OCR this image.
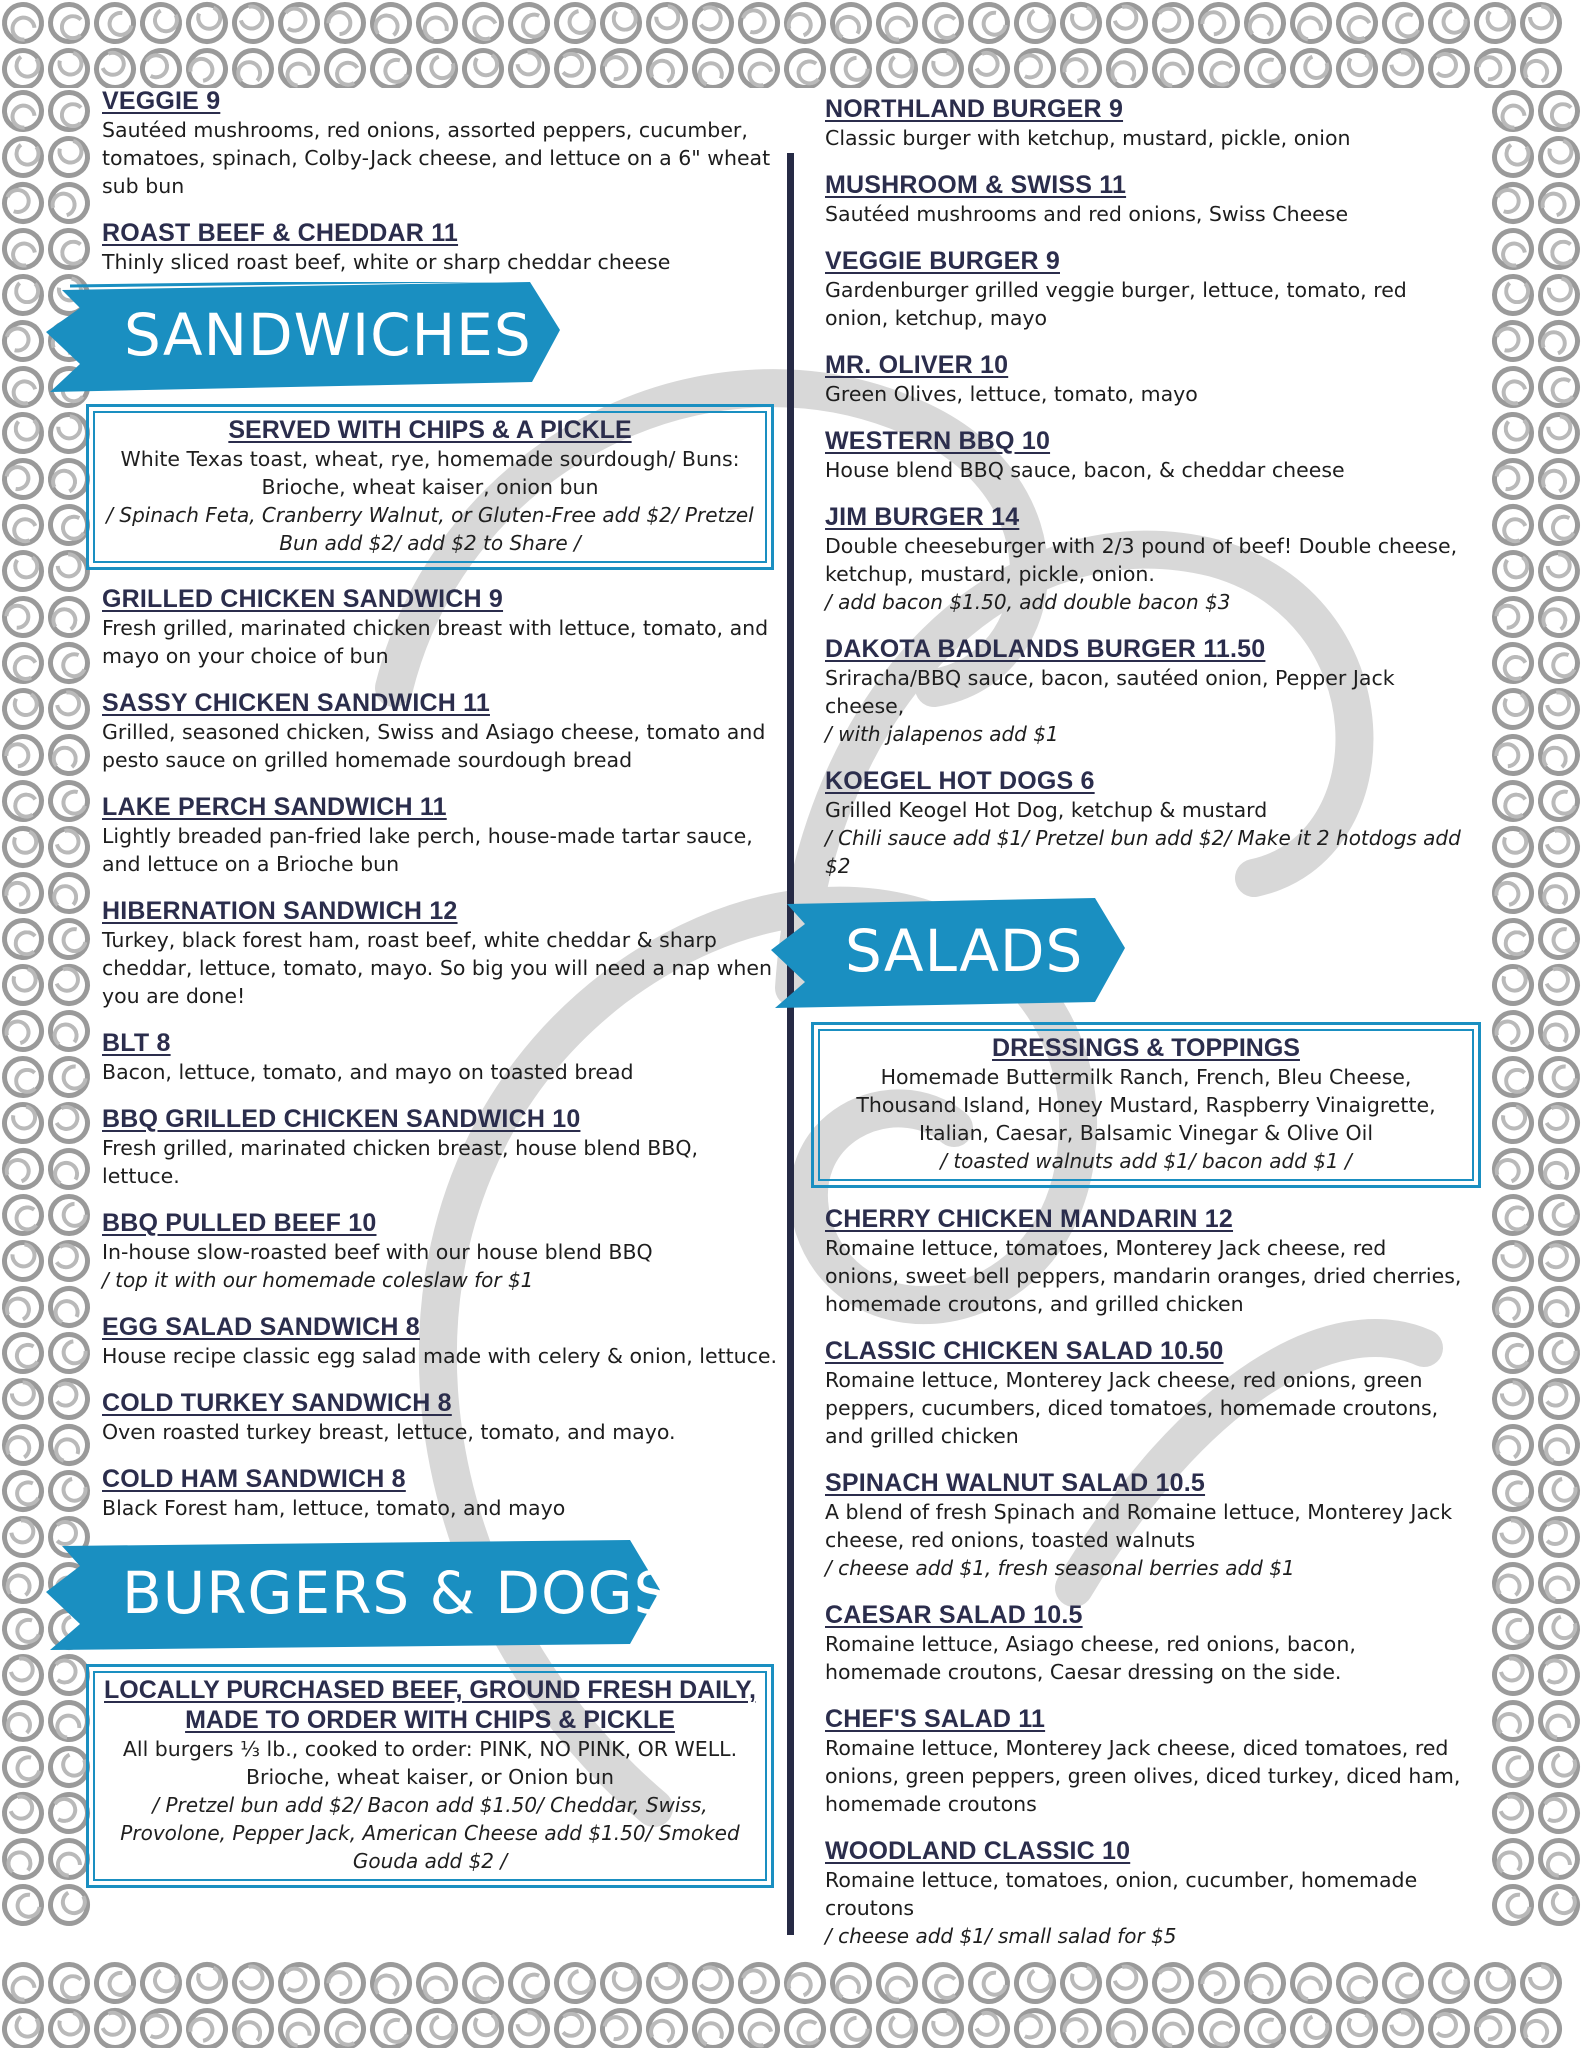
VEGGIE 9
Sautéed mushrooms, red onions, assorted peppers, cucumber, tomatoes, spinach, Colby-Jack cheese, and lettuce on a 6" wheat sub bun
ROAST BEEF & CHEDDAR 11
Thinly sliced roast beef, white or sharp cheddar cheese
SANDWICHES
SERVED WITH CHIPS & A PICKLE
White Texas toast, wheat, rye, homemade sourdough/ Buns: Brioche, wheat kaiser, onion bun
/ Spinach Feta, Cranberry Walnut, or Gluten-Free add $2/ Pretzel Bun add $2/ add $2 to Share /
GRILLED CHICKEN SANDWICH 9
Fresh grilled, marinated chicken breast with lettuce, tomato, and mayo on your choice of bun
SASSY CHICKEN SANDWICH 11
Grilled, seasoned chicken, Swiss and Asiago cheese, tomato and pesto sauce on grilled homemade sourdough bread
LAKE PERCH SANDWICH 11
Lightly breaded pan-fried lake perch, house-made tartar sauce, and lettuce on a Brioche bun
HIBERNATION SANDWICH 12
Turkey, black forest ham, roast beef, white cheddar & sharp cheddar, lettuce, tomato, mayo. So big you will need a nap when you are done!
BLT 8
Bacon, lettuce, tomato, and mayo on toasted bread
BBQ GRILLED CHICKEN SANDWICH 10
Fresh grilled, marinated chicken breast, house blend BBQ, lettuce.
BBQ PULLED BEEF 10
In-house slow-roasted beef with our house blend BBQ
/ top it with our homemade coleslaw for $1
EGG SALAD SANDWICH 8
House recipe classic egg salad made with celery & onion, lettuce.
COLD TURKEY SANDWICH 8
Oven roasted turkey breast, lettuce, tomato, and mayo.
COLD HAM SANDWICH 8
Black Forest ham, lettuce, tomato, and mayo
BURGERS & DOGS
LOCALLY PURCHASED BEEF, GROUND FRESH DAILY, MADE TO ORDER WITH CHIPS & PICKLE
All burgers ⅓ lb., cooked to order: PINK, NO PINK, OR WELL. Brioche, wheat kaiser, or Onion bun
/ Pretzel bun add $2/ Bacon add $1.50/ Cheddar, Swiss, Provolone, Pepper Jack, American Cheese add $1.50/ Smoked Gouda add $2 /
NORTHLAND BURGER 9
Classic burger with ketchup, mustard, pickle, onion
MUSHROOM & SWISS 11
Sautéed mushrooms and red onions, Swiss Cheese
VEGGIE BURGER 9
Gardenburger grilled veggie burger, lettuce, tomato, red onion, ketchup, mayo
MR. OLIVER 10
Green Olives, lettuce, tomato, mayo
WESTERN BBQ 10
House blend BBQ sauce, bacon, & cheddar cheese
JIM BURGER 14
Double cheeseburger with 2/3 pound of beef! Double cheese, ketchup, mustard, pickle, onion.
/ add bacon $1.50, add double bacon $3
DAKOTA BADLANDS BURGER 11.50
Sriracha/BBQ sauce, bacon, sautéed onion, Pepper Jack cheese,
/ with jalapenos add $1
KOEGEL HOT DOGS 6
Grilled Keogel Hot Dog, ketchup & mustard
/ Chili sauce add $1/ Pretzel bun add $2/ Make it 2 hotdogs add $2
SALADS
DRESSINGS & TOPPINGS
Homemade Buttermilk Ranch, French, Bleu Cheese, Thousand Island, Honey Mustard, Raspberry Vinaigrette, Italian, Caesar, Balsamic Vinegar & Olive Oil
/ toasted walnuts add $1/ bacon add $1 /
CHERRY CHICKEN MANDARIN 12
Romaine lettuce, tomatoes, Monterey Jack cheese, red onions, sweet bell peppers, mandarin oranges, dried cherries, homemade croutons, and grilled chicken
CLASSIC CHICKEN SALAD 10.50
Romaine lettuce, Monterey Jack cheese, red onions, green peppers, cucumbers, diced tomatoes, homemade croutons, and grilled chicken
SPINACH WALNUT SALAD 10.5
A blend of fresh Spinach and Romaine lettuce, Monterey Jack cheese, red onions, toasted walnuts
/ cheese add $1, fresh seasonal berries add $1
CAESAR SALAD 10.5
Romaine lettuce, Asiago cheese, red onions, bacon, homemade croutons, Caesar dressing on the side.
CHEF'S SALAD 11
Romaine lettuce, Monterey Jack cheese, diced tomatoes, red onions, green peppers, green olives, diced turkey, diced ham, homemade croutons
WOODLAND CLASSIC 10
Romaine lettuce, tomatoes, onion, cucumber, homemade croutons
/ cheese add $1/ small salad for $5
